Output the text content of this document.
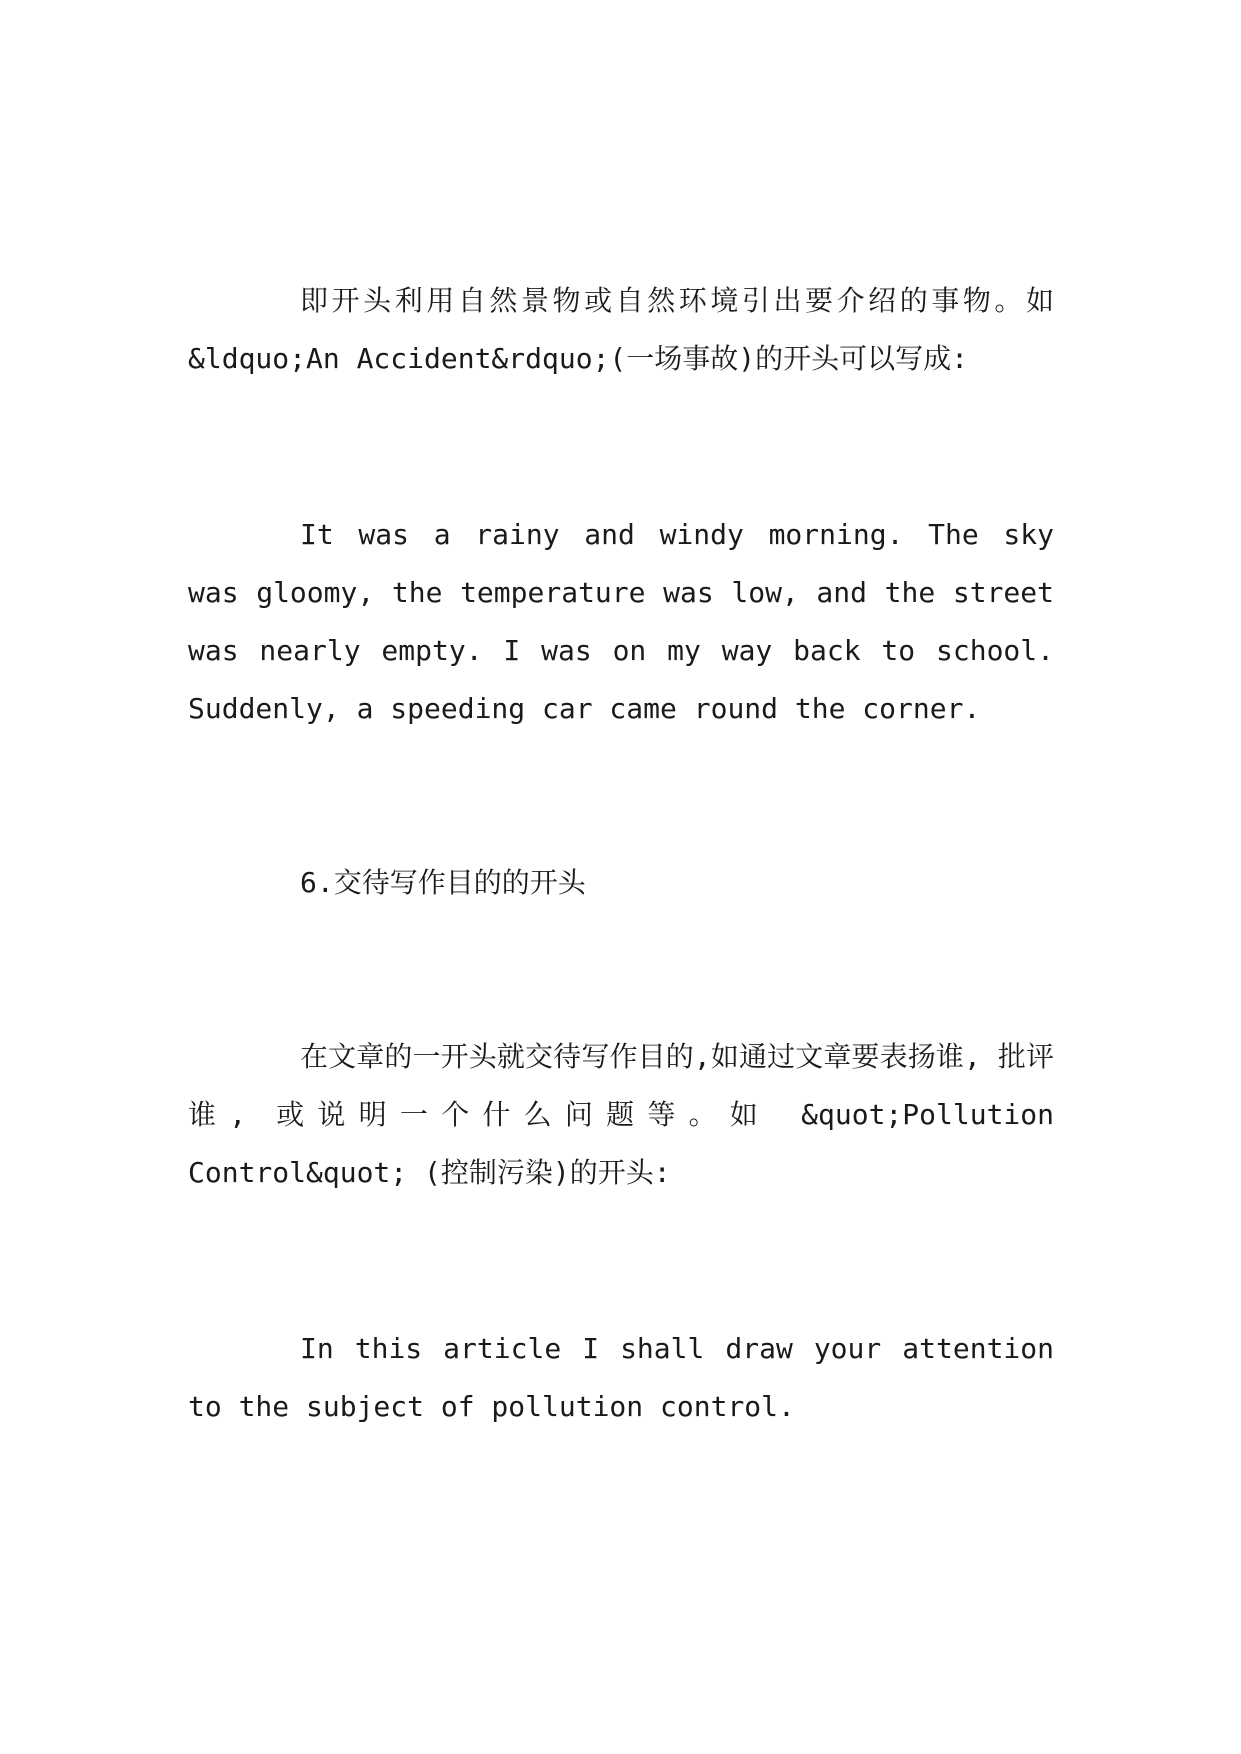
即开头利用自然景物或自然环境引出要介绍的事物。如&ldquo;An Accident&rdquo;(一场事故)的开头可以写成:

It was a rainy and windy morning. The sky was gloomy, the temperature was low, and the street was nearly empty. I was on my way back to school. Suddenly, a speeding car came round the corner.

6.交待写作目的的开头

在文章的一开头就交待写作目的,如通过文章要表扬谁, 批评谁, 或说明一个什么问题等。如 &quot;Pollution Control&quot; (控制污染)的开头:

In this article I shall draw your attention to the subject of pollution control.
